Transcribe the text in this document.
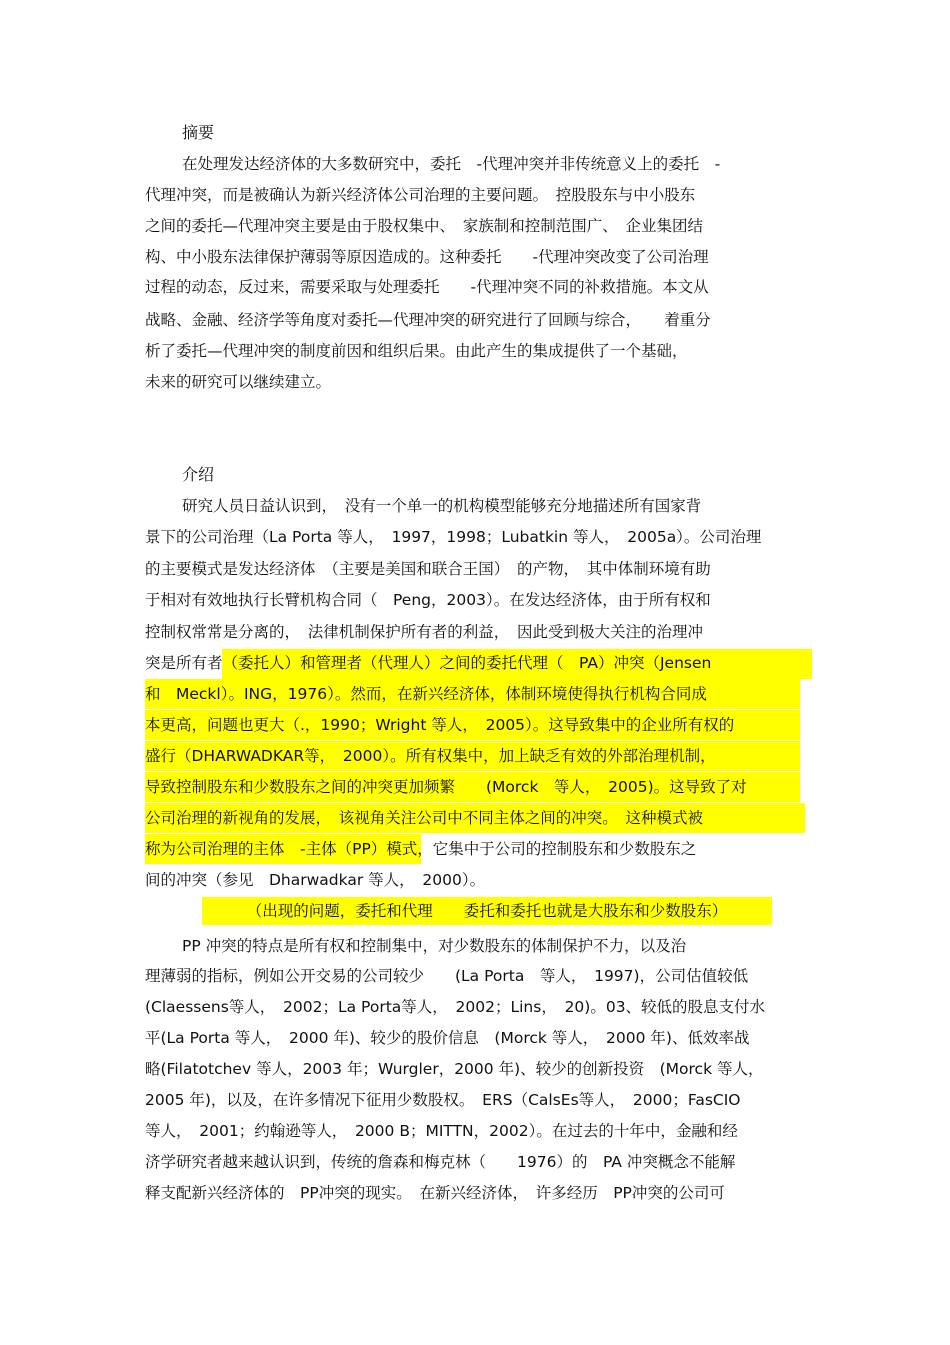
摘要
在处理发达经济体的大多数研究中，委托　-代理冲突并非传统意义上的委托　-
代理冲突，而是被确认为新兴经济体公司治理的主要问题。　控股股东与中小股东
之间的委托—代理冲突主要是由于股权集中、　家族制和控制范围广、　企业集团结
构、中小股东法律保护薄弱等原因造成的。这种委托　　-代理冲突改变了公司治理
过程的动态，反过来，需要采取与处理委托　　-代理冲突不同的补救措施。本文从
战略、金融、经济学等角度对委托—代理冲突的研究进行了回顾与综合，　　着重分
析了委托—代理冲突的制度前因和组织后果。由此产生的集成提供了一个基础，
未来的研究可以继续建立。
介绍
研究人员日益认识到，　没有一个单一的机构模型能够充分地描述所有国家背
景下的公司治理（La Porta 等人，　1997，1998；Lubatkin 等人，　2005a）。公司治理
的主要模式是发达经济体　（主要是美国和联合王国）　的产物，　其中体制环境有助
于相对有效地执行长臂机构合同（　Peng，2003）。在发达经济体，由于所有权和
控制权常常是分离的，　法律机制保护所有者的利益，　因此受到极大关注的治理冲
突是所有者（委托人）和管理者（代理人）之间的委托代理（　PA）冲突（Jensen
和　Meckl）。ING，1976）。然而，在新兴经济体，体制环境使得执行机构合同成
本更高，问题也更大（.，1990；Wright 等人，　2005）。这导致集中的企业所有权的
盛行（DHARWADKAR等，　2000）。所有权集中，加上缺乏有效的外部治理机制，
导致控制股东和少数股东之间的冲突更加频繁　　(Morck　等人，　2005)。这导致了对
公司治理的新视角的发展，　该视角关注公司中不同主体之间的冲突。　这种模式被
称为公司治理的主体　-主体（PP）模式，它集中于公司的控制股东和少数股东之
间的冲突（参见　Dharwadkar 等人，　2000）。
（出现的问题，委托和代理　　委托和委托也就是大股东和少数股东）
PP 冲突的特点是所有权和控制集中，对少数股东的体制保护不力，以及治
理薄弱的指标，例如公开交易的公司较少　　(La Porta　等人，　1997)，公司估值较低
(Claessens等人，　2002；La Porta等人，　2002；Lins，　20)。03、较低的股息支付水
平(La Porta 等人，　2000 年)、较少的股价信息　(Morck 等人，　2000 年)、低效率战
略(Filatotchev 等人，2003 年；Wurgler，2000 年)、较少的创新投资　(Morck 等人，
2005 年)，以及，在许多情况下征用少数股权。　ERS（CalsEs等人，　2000；FasCIO
等人，　2001；约翰逊等人，　2000 B；MITTN，2002）。在过去的十年中，金融和经
济学研究者越来越认识到，传统的詹森和梅克林（　　1976）的　PA 冲突概念不能解
释支配新兴经济体的　PP冲突的现实。　在新兴经济体，　许多经历　PP冲突的公司可
